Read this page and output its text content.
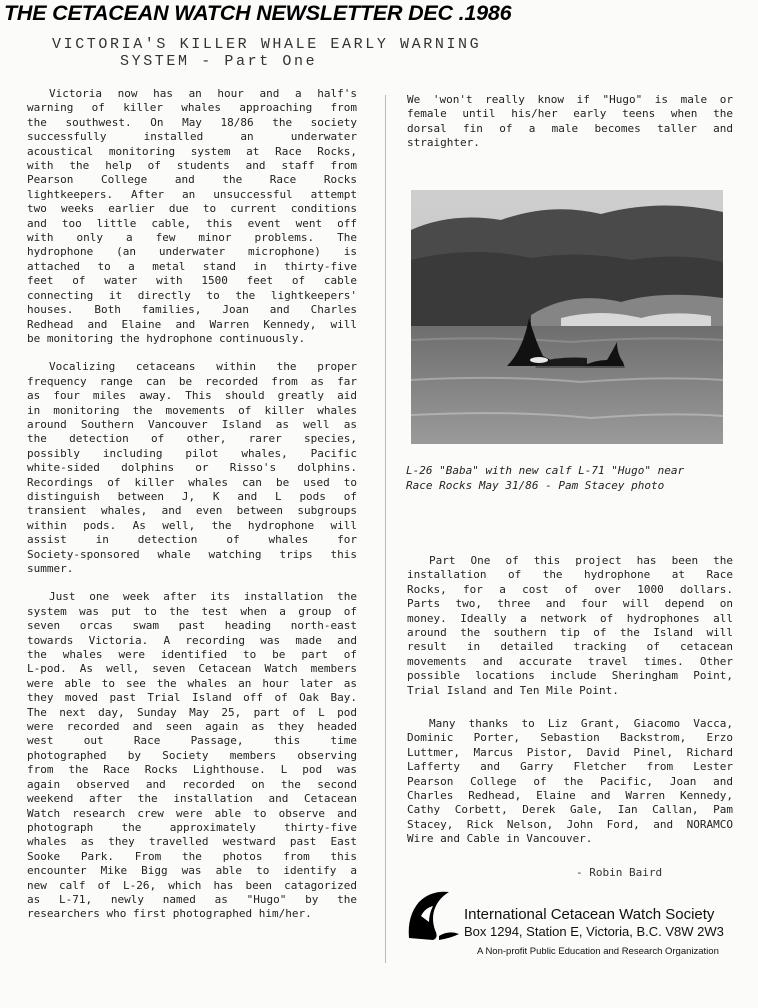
THE CETACEAN WATCH NEWSLETTER DEC .1986
VICTORIA'S KILLER WHALE EARLY WARNING
SYSTEM - Part One

Victoria now has an hour and a half's

warning of killer whales approaching from

the southwest. On May 18/86 the society

successfully installed an underwater

acoustical monitoring system at Race Rocks,

with the help of students and staff from

Pearson College and the Race Rocks

lightkeepers. After an unsuccessful attempt

two weeks earlier due to current conditions

and too little cable, this event went off

with only a few minor problems. The

hydrophone (an underwater microphone) is

attached to a metal stand in thirty-five

feet of water with 1500 feet of cable

connecting it directly to the lightkeepers'

houses. Both families, Joan and Charles

Redhead and Elaine and Warren Kennedy, will

be monitoring the hydrophone continuously.

Vocalizing cetaceans within the proper

frequency range can be recorded from as far

as four miles away. This should greatly aid

in monitoring the movements of killer whales

around Southern Vancouver Island as well as

the detection of other, rarer species,

possibly including pilot whales, Pacific

white-sided dolphins or Risso's dolphins.

Recordings of killer whales can be used to

distinguish between J, K and L pods of

transient whales, and even between subgroups

within pods. As well, the hydrophone will

assist in detection of whales for

Society-sponsored whale watching trips this

summer.

Just one week after its installation the

system was put to the test when a group of

seven orcas swam past heading north-east

towards Victoria. A recording was made and

the whales were identified to be part of

L-pod. As well, seven Cetacean Watch members

were able to see the whales an hour later as

they moved past Trial Island off of Oak Bay.

The next day, Sunday May 25, part of L pod

were recorded and seen again as they headed

west out Race Passage, this time

photographed by Society members observing

from the Race Rocks Lighthouse. L pod was

again observed and recorded on the second

weekend after the installation and Cetacean

Watch research crew were able to observe and

photograph the approximately thirty-five

whales as they travelled westward past East

Sooke Park. From the photos from this

encounter Mike Bigg was able to identify a

new calf of L-26, which has been catagorized

as L-71, newly named as "Hugo" by the

researchers who first photographed him/her.

We 'won't really know if "Hugo" is male or

female until his/her early teens when the

dorsal fin of a male becomes taller and

straighter.

L-26 "Baba" with new calf L-71 "Hugo" near
Race Rocks May 31/86 - Pam Stacey photo

Part One of this project has been the

installation of the hydrophone at Race

Rocks, for a cost of over 1000 dollars.

Parts two, three and four will depend on

money. Ideally a network of hydrophones all

around the southern tip of the Island will

result in detailed tracking of cetacean

movements and accurate travel times. Other

possible locations include Sheringham Point,

Trial Island and Ten Mile Point.

Many thanks to Liz Grant, Giacomo Vacca,

Dominic Porter, Sebastion Backstrom, Erzo

Luttmer, Marcus Pistor, David Pinel, Richard

Lafferty and Garry Fletcher from Lester

Pearson College of the Pacific, Joan and

Charles Redhead, Elaine and Warren Kennedy,

Cathy Corbett, Derek Gale, Ian Callan, Pam

Stacey, Rick Nelson, John Ford, and NORAMCO

Wire and Cable in Vancouver.

- Robin Baird
International Cetacean Watch Society
Box 1294, Station E, Victoria, B.C. V8W 2W3
A Non-profit Public Education and Research Organization
